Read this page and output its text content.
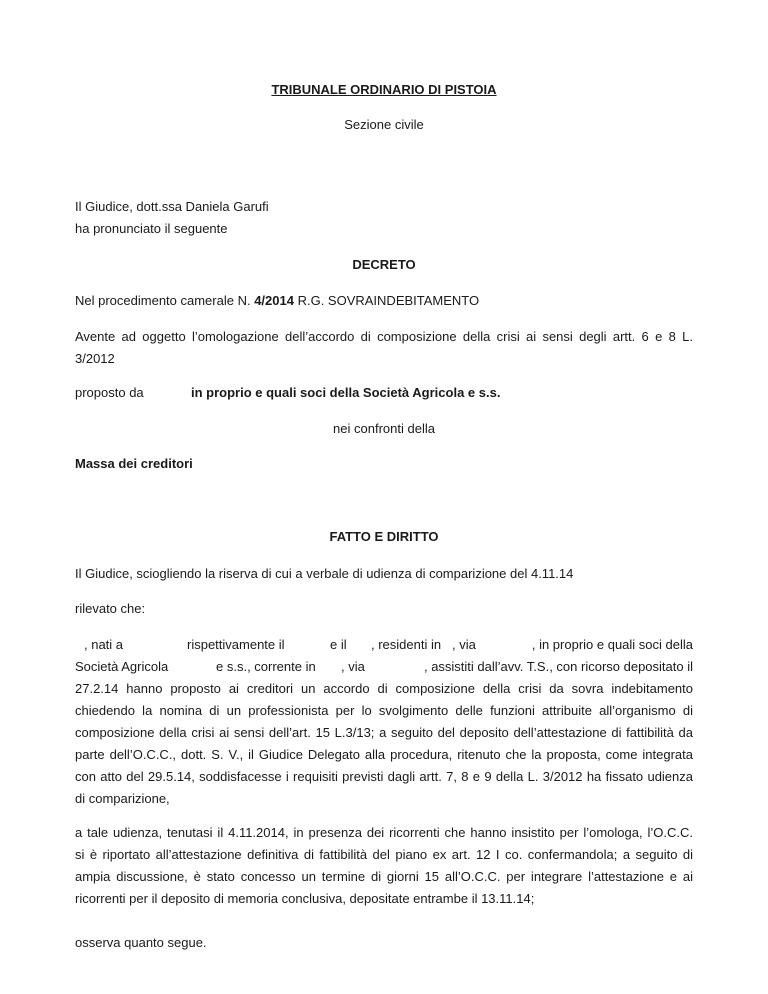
TRIBUNALE ORDINARIO DI PISTOIA

Sezione civile

Il Giudice, dott.ssa Daniela Garufi

ha pronunciato il seguente

DECRETO

Nel procedimento camerale N. 4/2014 R.G. SOVRAINDEBITAMENTO

Avente ad oggetto l’omologazione dell’accordo di composizione della crisi ai sensi degli artt. 6 e 8 L.
3/2012

proposto da	in proprio e quali soci della Società Agricola e s.s.

nei confronti della

Massa dei creditori

FATTO E DIRITTO

Il Giudice, sciogliendo la riserva di cui a verbale di udienza di comparizione del 4.11.14

rilevato che:

, nati a	rispettivamente il	e il , residenti in , via	, in proprio e quali soci della
Società Agricola	e s.s., corrente in , via	, assistiti dall’avv. T.S., con ricorso depositato il
27.2.14 hanno proposto ai creditori un accordo di composizione della crisi da sovra indebitamento
chiedendo la nomina di un professionista per lo svolgimento delle funzioni attribuite all’organismo di
composizione della crisi ai sensi dell’art. 15 L.3/13; a seguito del deposito dell’attestazione di fattibilità da
parte dell’O.C.C., dott. S. V., il Giudice Delegato alla procedura, ritenuto che la proposta, come integrata
con atto del 29.5.14, soddisfacesse i requisiti previsti dagli artt. 7, 8 e 9 della L. 3/2012 ha fissato udienza
di comparizione,
a tale udienza, tenutasi il 4.11.2014, in presenza dei ricorrenti che hanno insistito per l’omologa, l’O.C.C.
si è riportato all’attestazione definitiva di fattibilità del piano ex art. 12 I co. confermandola; a seguito di
ampia discussione, è stato concesso un termine di giorni 15 all’O.C.C. per integrare l’attestazione e ai
ricorrenti per il deposito di memoria conclusiva, depositate entrambe il 13.11.14;

osserva quanto segue.
